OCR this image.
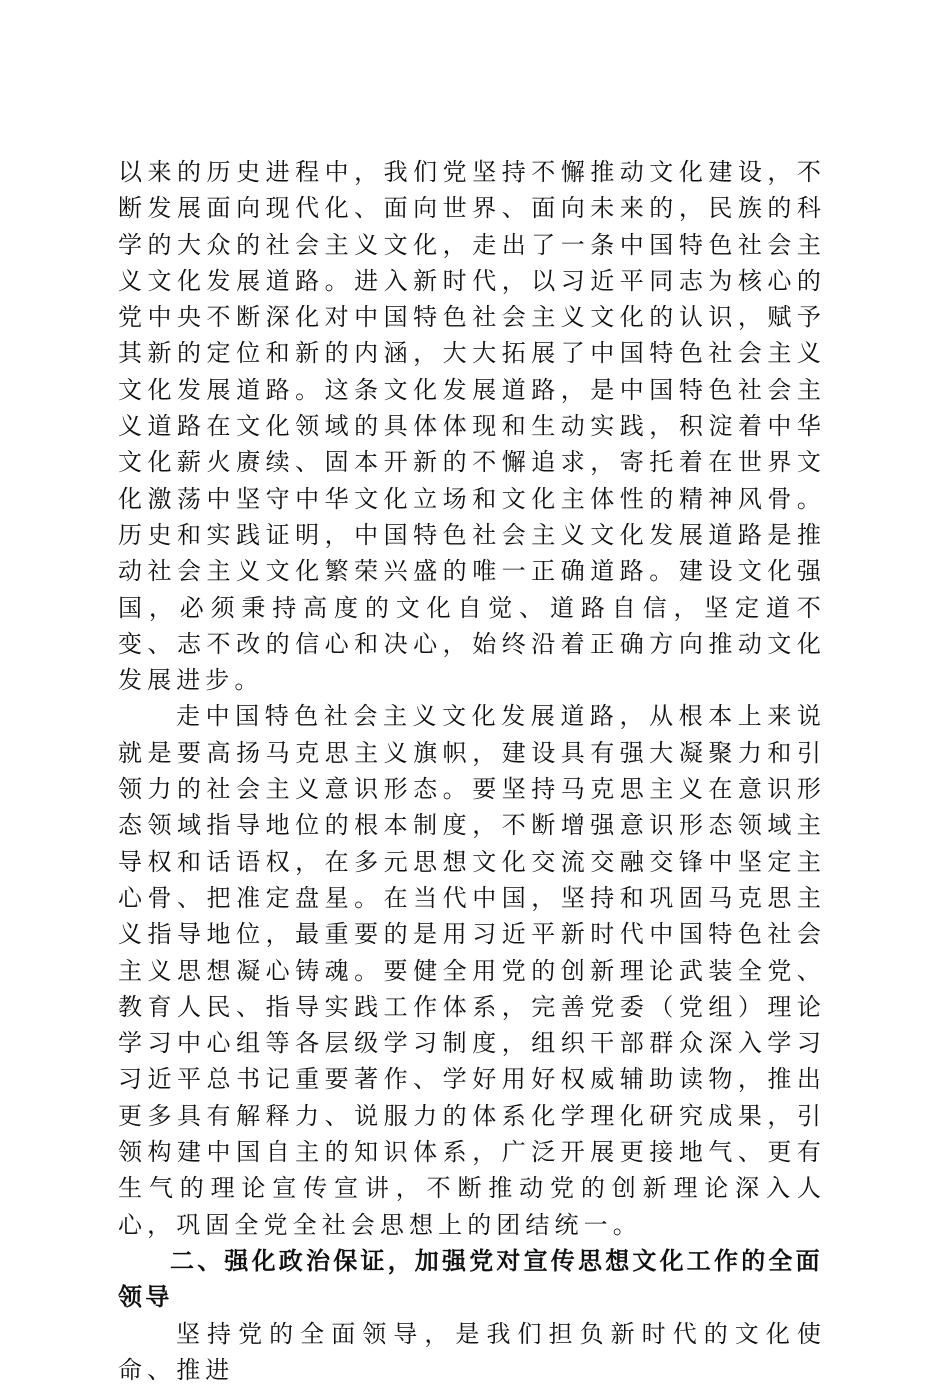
以来的历史进程中，我们党坚持不懈推动文化建设，不断发展面向现代化、面向世界、面向未来的，民族的科学的大众的社会主义文化，走出了一条中国特色社会主义文化发展道路。进入新时代，以习近平同志为核心的党中央不断深化对中国特色社会主义文化的认识，赋予其新的定位和新的内涵，大大拓展了中国特色社会主义文化发展道路。这条文化发展道路，是中国特色社会主义道路在文化领域的具体体现和生动实践，积淀着中华文化薪火赓续、固本开新的不懈追求，寄托着在世界文化激荡中坚守中华文化立场和文化主体性的精神风骨。历史和实践证明，中国特色社会主义文化发展道路是推动社会主义文化繁荣兴盛的唯一正确道路。建设文化强国，必须秉持高度的文化自觉、道路自信，坚定道不变、志不改的信心和决心，始终沿着正确方向推动文化发展进步。

走中国特色社会主义文化发展道路，从根本上来说就是要高扬马克思主义旗帜，建设具有强大凝聚力和引领力的社会主义意识形态。要坚持马克思主义在意识形态领域指导地位的根本制度，不断增强意识形态领域主导权和话语权，在多元思想文化交流交融交锋中坚定主心骨、把准定盘星。在当代中国，坚持和巩固马克思主义指导地位，最重要的是用习近平新时代中国特色社会主义思想凝心铸魂。要健全用党的创新理论武装全党、教育人民、指导实践工作体系，完善党委（党组）理论学习中心组等各层级学习制度，组织干部群众深入学习习近平总书记重要著作、学好用好权威辅助读物，推出更多具有解释力、说服力的体系化学理化研究成果，引领构建中国自主的知识体系，广泛开展更接地气、更有生气的理论宣传宣讲，不断推动党的创新理论深入人心，巩固全党全社会思想上的团结统一。

二、强化政治保证，加强党对宣传思想文化工作的全面领导

坚持党的全面领导，是我们担负新时代的文化使命、推进
